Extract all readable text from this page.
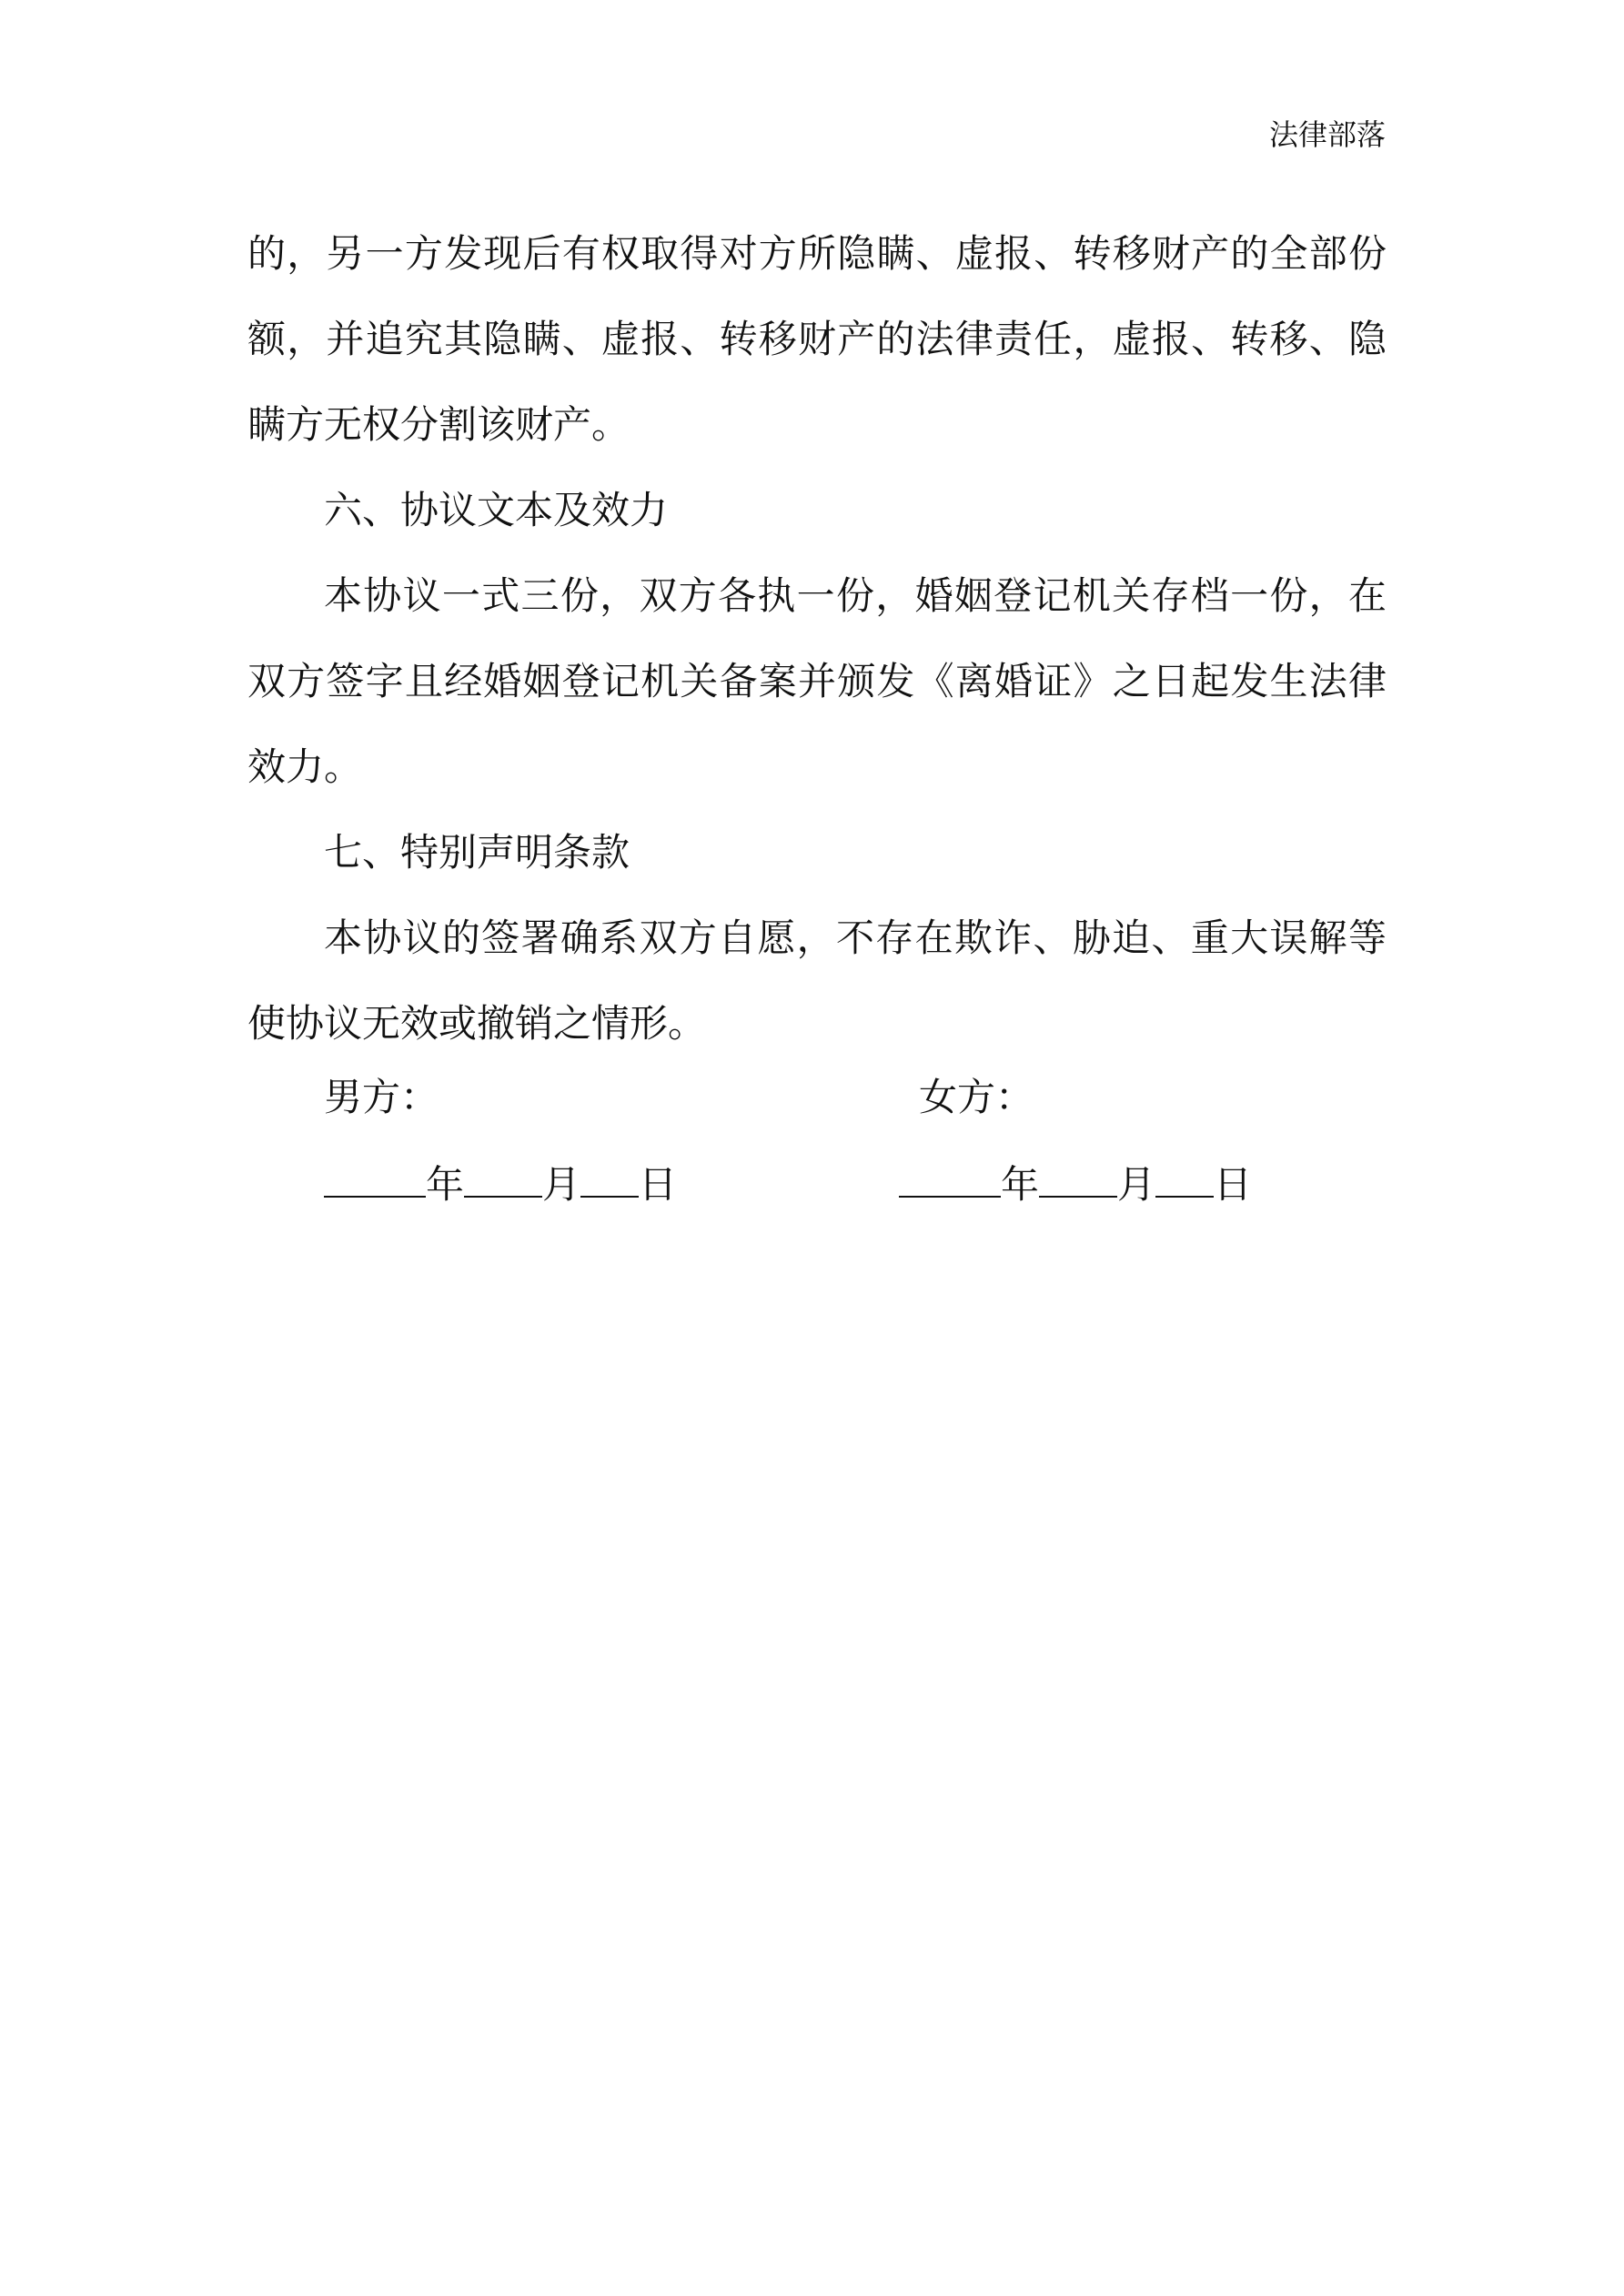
法律部落

的，另一方发现后有权取得对方所隐瞒、虚报、转移财产的全部份额，并追究其隐瞒、虚报、转移财产的法律责任，虚报、转移、隐瞒方无权分割该财产。

六、协议文本及效力

本协议一式三份，双方各执一份，婚姻登记机关存档一份，在双方签字且经婚姻登记机关备案并颁发《离婚证》之日起发生法律效力。

七、特别声明条款

本协议的签署确系双方自愿，不存在欺诈、胁迫、重大误解等使协议无效或撤销之情形。

男方：	女方：
年 月 日	年 月 日
